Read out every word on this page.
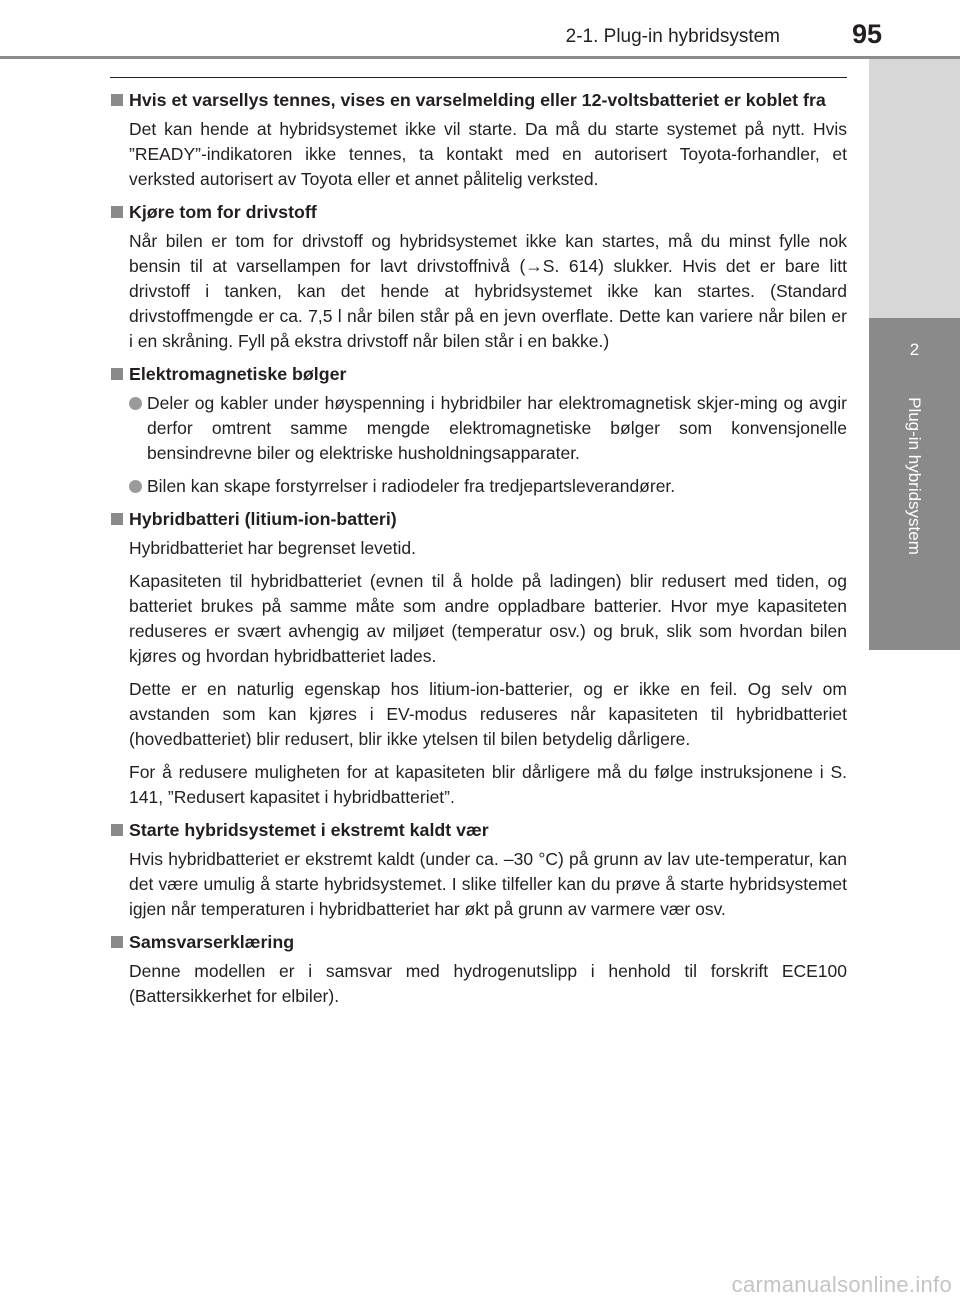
2-1. Plug-in hybridsystem	95
2
Plug-in hybridsystem
Hvis et varsellys tennes, vises en varselmelding eller 12-voltsbatteriet er koblet fra

Det kan hende at hybridsystemet ikke vil starte. Da må du starte systemet på nytt. Hvis ”READY”-indikatoren ikke tennes, ta kontakt med en autorisert Toyota-forhandler, et verksted autorisert av Toyota eller et annet pålitelig verksted.

Kjøre tom for drivstoff

Når bilen er tom for drivstoff og hybridsystemet ikke kan startes, må du minst fylle nok bensin til at varsellampen for lavt drivstoffnivå (→S. 614) slukker. Hvis det er bare litt drivstoff i tanken, kan det hende at hybridsystemet ikke kan startes. (Standard drivstoffmengde er ca. 7,5 l når bilen står på en jevn overflate. Dette kan variere når bilen er i en skråning. Fyll på ekstra drivstoff når bilen står i en bakke.)

Elektromagnetiske bølger
Deler og kabler under høyspenning i hybridbiler har elektromagnetisk skjer-ming og avgir derfor omtrent samme mengde elektromagnetiske bølger som konvensjonelle bensindrevne biler og elektriske husholdningsapparater.
Bilen kan skape forstyrrelser i radiodeler fra tredjepartsleverandører.
Hybridbatteri (litium-ion-batteri)

Hybridbatteriet har begrenset levetid.

Kapasiteten til hybridbatteriet (evnen til å holde på ladingen) blir redusert med tiden, og batteriet brukes på samme måte som andre oppladbare batterier. Hvor mye kapasiteten reduseres er svært avhengig av miljøet (temperatur osv.) og bruk, slik som hvordan bilen kjøres og hvordan hybridbatteriet lades.

Dette er en naturlig egenskap hos litium-ion-batterier, og er ikke en feil. Og selv om avstanden som kan kjøres i EV-modus reduseres når kapasiteten til hybridbatteriet (hovedbatteriet) blir redusert, blir ikke ytelsen til bilen betydelig dårligere.

For å redusere muligheten for at kapasiteten blir dårligere må du følge instruksjonene i S. 141, ”Redusert kapasitet i hybridbatteriet”.

Starte hybridsystemet i ekstremt kaldt vær

Hvis hybridbatteriet er ekstremt kaldt (under ca. –30 °C) på grunn av lav ute-temperatur, kan det være umulig å starte hybridsystemet. I slike tilfeller kan du prøve å starte hybridsystemet igjen når temperaturen i hybridbatteriet har økt på grunn av varmere vær osv.

Samsvarserklæring

Denne modellen er i samsvar med hydrogenutslipp i henhold til forskrift ECE100 (Battersikkerhet for elbiler).

carmanualsonline.info
